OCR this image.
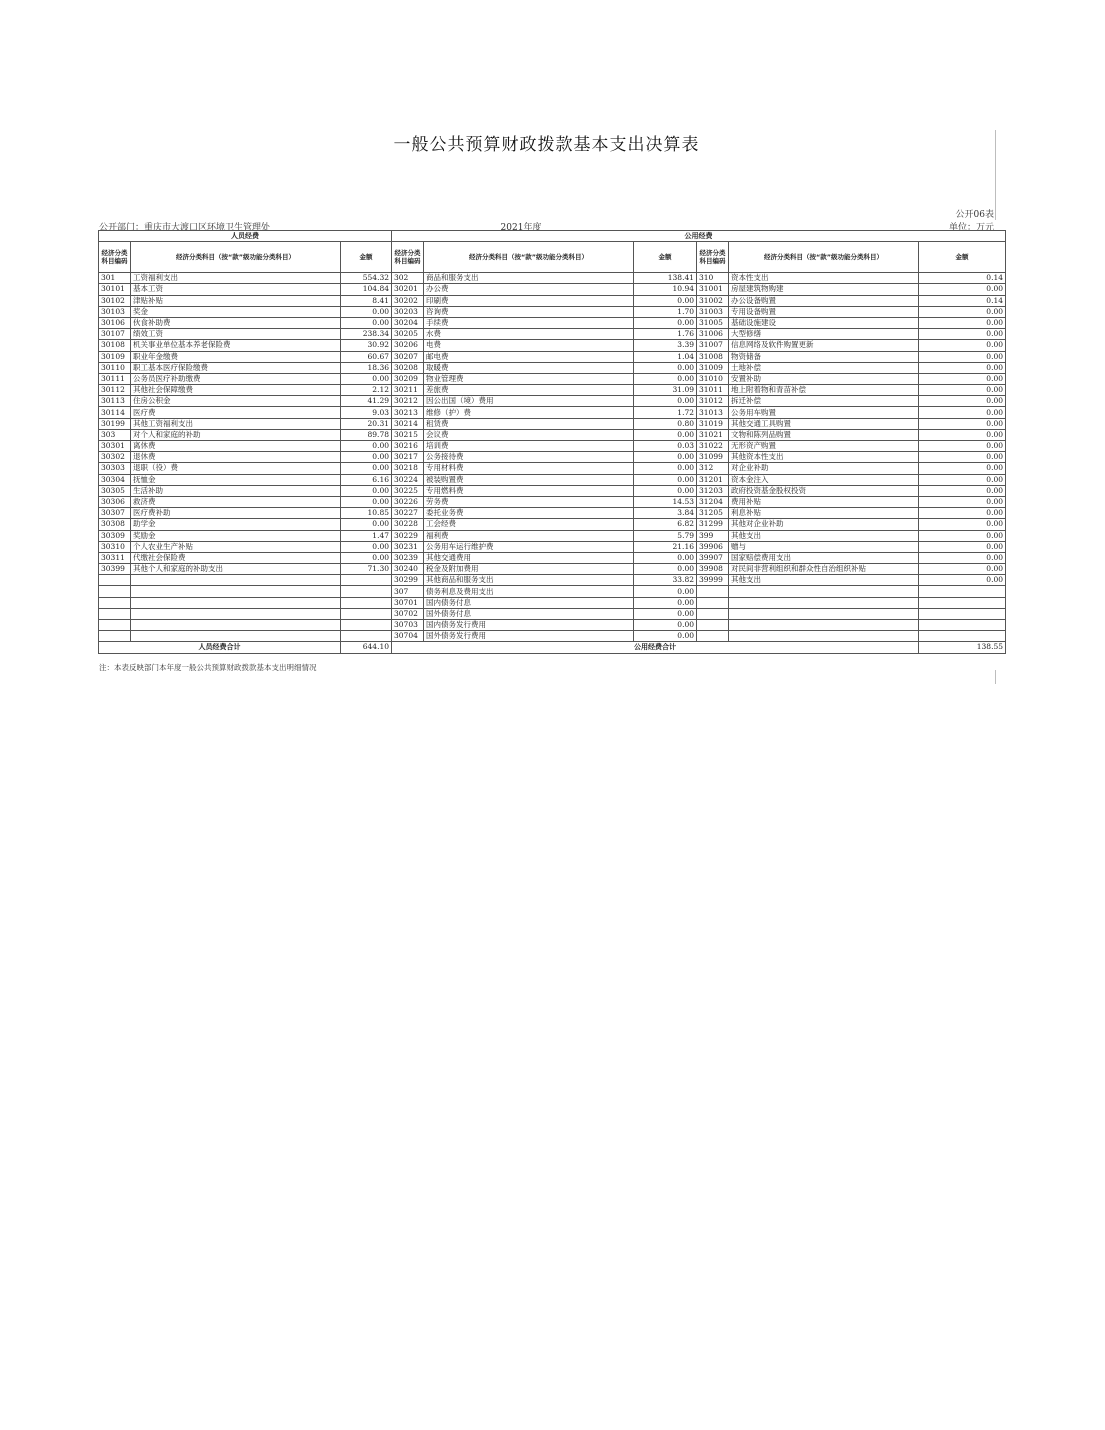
一般公共预算财政拨款基本支出决算表
公开06表
公开部门：重庆市大渡口区环境卫生管理处	2021年度	单位：万元
人员经费			公用经费					
经济分类科目编码	经济分类科目（按“款”级功能分类科目）	金额	经济分类科目编码	经济分类科目（按“款”级功能分类科目）	金额	经济分类科目编码	经济分类科目（按“款”级功能分类科目）	金额
301	工资福利支出	554.32	302	商品和服务支出	138.41	310	资本性支出	0.14
30101	基本工资	104.84	30201	办公费	10.94	31001	房屋建筑物购建	0.00
30102	津贴补贴	8.41	30202	印刷费	0.00	31002	办公设备购置	0.14
30103	奖金	0.00	30203	咨询费	1.70	31003	专用设备购置	0.00
30106	伙食补助费	0.00	30204	手续费	0.00	31005	基础设施建设	0.00
30107	绩效工资	238.34	30205	水费	1.76	31006	大型修缮	0.00
30108	机关事业单位基本养老保险费	30.92	30206	电费	3.39	31007	信息网络及软件购置更新	0.00
30109	职业年金缴费	60.67	30207	邮电费	1.04	31008	物资储备	0.00
30110	职工基本医疗保险缴费	18.36	30208	取暖费	0.00	31009	土地补偿	0.00
30111	公务员医疗补助缴费	0.00	30209	物业管理费	0.00	31010	安置补助	0.00
30112	其他社会保障缴费	2.12	30211	差旅费	31.09	31011	地上附着物和青苗补偿	0.00
30113	住房公积金	41.29	30212	因公出国（境）费用	0.00	31012	拆迁补偿	0.00
30114	医疗费	9.03	30213	维修（护）费	1.72	31013	公务用车购置	0.00
30199	其他工资福利支出	20.31	30214	租赁费	0.80	31019	其他交通工具购置	0.00
303	对个人和家庭的补助	89.78	30215	会议费	0.00	31021	文物和陈列品购置	0.00
30301	离休费	0.00	30216	培训费	0.03	31022	无形资产购置	0.00
30302	退休费	0.00	30217	公务接待费	0.00	31099	其他资本性支出	0.00
30303	退职（役）费	0.00	30218	专用材料费	0.00	312	对企业补助	0.00
30304	抚恤金	6.16	30224	被装购置费	0.00	31201	资本金注入	0.00
30305	生活补助	0.00	30225	专用燃料费	0.00	31203	政府投资基金股权投资	0.00
30306	救济费	0.00	30226	劳务费	14.53	31204	费用补贴	0.00
30307	医疗费补助	10.85	30227	委托业务费	3.84	31205	利息补贴	0.00
30308	助学金	0.00	30228	工会经费	6.82	31299	其他对企业补助	0.00
30309	奖励金	1.47	30229	福利费	5.79	399	其他支出	0.00
30310	个人农业生产补贴	0.00	30231	公务用车运行维护费	21.16	39906	赠与	0.00
30311	代缴社会保险费	0.00	30239	其他交通费用	0.00	39907	国家赔偿费用支出	0.00
30399	其他个人和家庭的补助支出	71.30	30240	税金及附加费用	0.00	39908	对民间非营利组织和群众性自治组织补贴	0.00
			30299	其他商品和服务支出	33.82	39999	其他支出	0.00
			307	债务利息及费用支出	0.00			
			30701	国内债务付息	0.00			
			30702	国外债务付息	0.00			
			30703	国内债务发行费用	0.00			
			30704	国外债务发行费用	0.00			
人员经费合计		644.10	公用经费合计					138.55
注：本表反映部门本年度一般公共预算财政拨款基本支出明细情况
